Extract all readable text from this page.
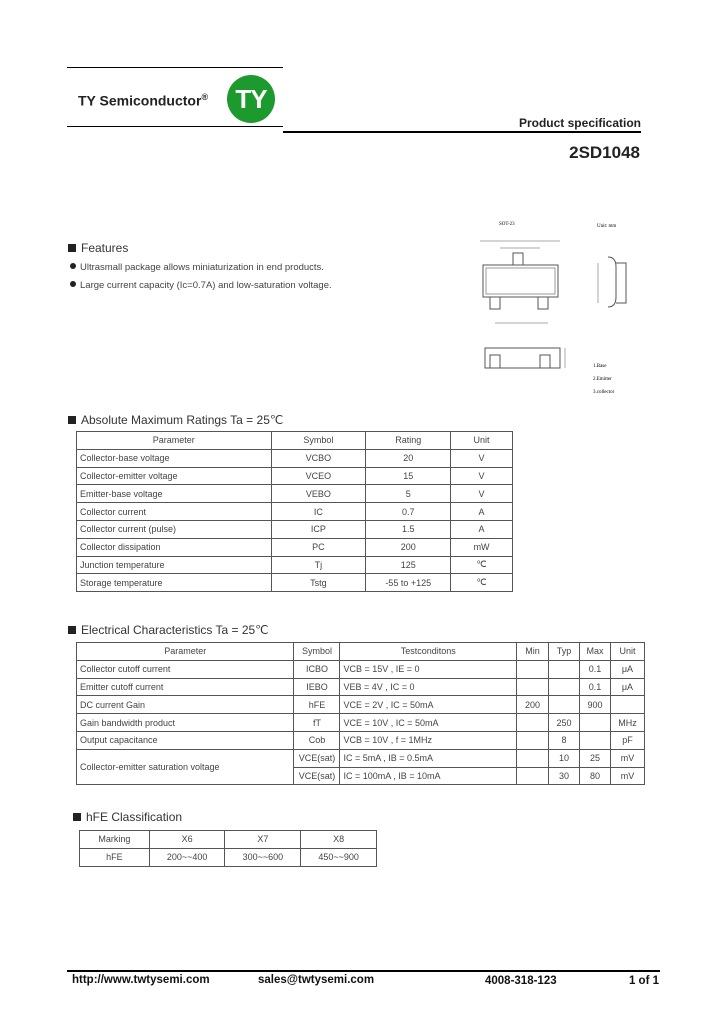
TY Semiconductor® TY
Product specification
2SD1048
Features
Ultrasmall package allows miniaturization in end products.
Large current capacity (Ic=0.7A) and low-saturation voltage.
SOT-23	Unit: mm
1.Base
2.Emitter
3.collector
Absolute Maximum Ratings Ta = 25℃
Parameter	Symbol	Rating	Unit
Collector-base voltage	VCBO	20	V
Collector-emitter voltage	VCEO	15	V
Emitter-base voltage	VEBO	5	V
Collector current	IC	0.7	A
Collector current (pulse)	ICP	1.5	A
Collector dissipation	PC	200	mW
Junction temperature	Tj	125	℃
Storage temperature	Tstg	-55 to +125	℃
Electrical Characteristics Ta = 25℃
Parameter	Symbol	Testconditons	Min	Typ	Max	Unit
Collector cutoff current	ICBO	VCB = 15V , IE = 0			0.1	μA
Emitter cutoff current	IEBO	VEB = 4V , IC = 0			0.1	μA
DC current Gain	hFE	VCE = 2V , IC = 50mA	200		900	
Gain bandwidth product	fT	VCE = 10V , IC = 50mA		250		MHz
Output capacitance	Cob	VCB = 10V , f = 1MHz		8		pF
Collector-emitter saturation voltage	VCE(sat)	IC = 5mA , IB = 0.5mA		10	25	mV
	VCE(sat)	IC = 100mA , IB = 10mA		30	80	mV
hFE Classification
Marking	X6	X7	X8
hFE	200~~400	300~~600	450~~900
http://www.twtysemi.com	sales@twtysemi.com	4008-318-123	1 of 1
